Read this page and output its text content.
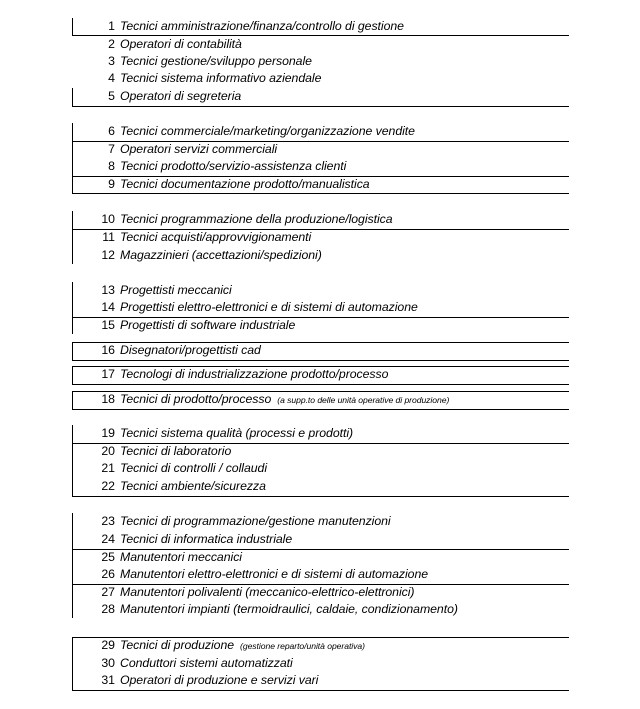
1 Tecnici amministrazione/finanza/controllo di gestione
2 Operatori di contabilità
3 Tecnici gestione/sviluppo personale
4 Tecnici sistema informativo aziendale
5 Operatori di segreteria
6 Tecnici commerciale/marketing/organizzazione vendite
7 Operatori servizi commerciali
8 Tecnici prodotto/servizio-assistenza clienti
9 Tecnici documentazione prodotto/manualistica
10 Tecnici programmazione della produzione/logistica
11 Tecnici acquisti/approvvigionamenti
12 Magazzinieri (accettazioni/spedizioni)
13 Progettisti meccanici
14 Progettisti elettro-elettronici e di sistemi di automazione
15 Progettisti di software industriale
16 Disegnatori/progettisti cad
17 Tecnologi di industrializzazione prodotto/processo
18 Tecnici di prodotto/processo (a supp.to delle unità operative di produzione)
19 Tecnici sistema qualità (processi e prodotti)
20 Tecnici di laboratorio
21 Tecnici di controlli / collaudi
22 Tecnici ambiente/sicurezza
23 Tecnici di programmazione/gestione manutenzioni
24 Tecnici di informatica industriale
25 Manutentori meccanici
26 Manutentori elettro-elettronici e di sistemi di automazione
27 Manutentori polivalenti (meccanico-elettrico-elettronici)
28 Manutentori impianti (termoidraulici, caldaie, condizionamento)
29 Tecnici di produzione (gestione reparto/unità operativa)
30 Conduttori sistemi automatizzati
31 Operatori di produzione e servizi vari
